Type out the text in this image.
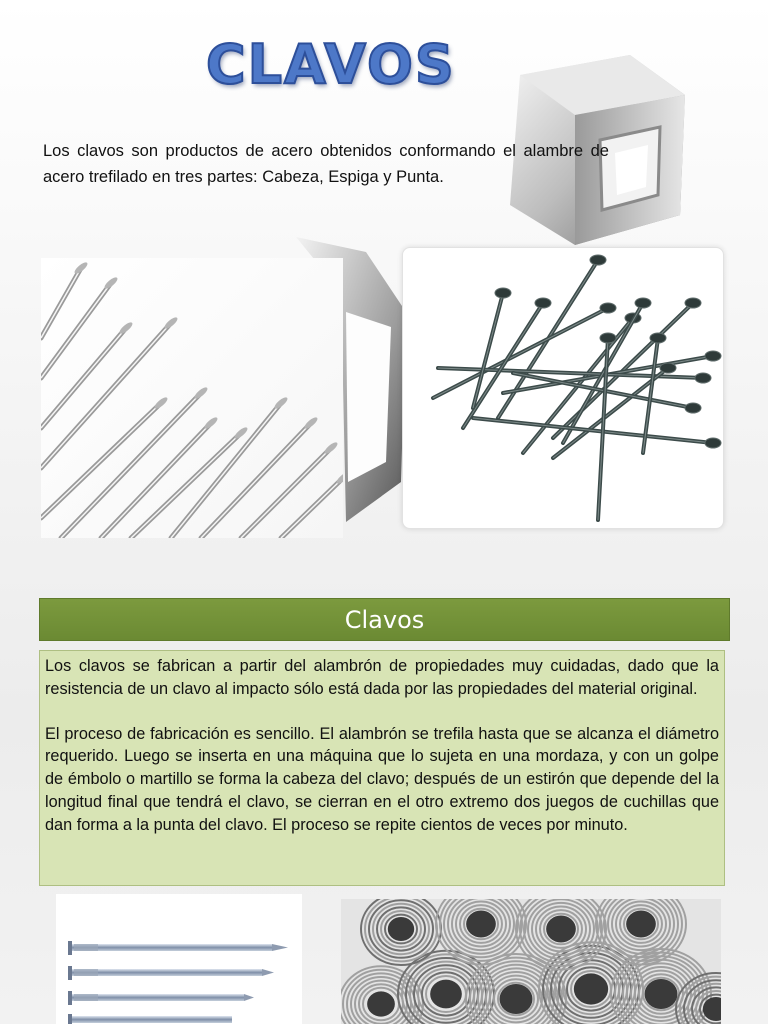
CLAVOS
Los clavos son productos de acero obtenidos conformando el alambre de acero trefilado en tres partes: Cabeza, Espiga y Punta.
Clavos

Los clavos se fabrican a partir del alambrón de propiedades muy cuidadas, dado que la resistencia de un clavo al impacto sólo está dada por las propiedades del material original.

El proceso de fabricación es sencillo. El alambrón se trefila hasta que se alcanza el diámetro requerido. Luego se inserta en una máquina que lo sujeta en una mordaza, y con un golpe de émbolo o martillo se forma la cabeza del clavo; después de un estirón que depende del la longitud final que tendrá el clavo, se cierran en el otro extremo dos juegos de cuchillas que dan forma a la punta del clavo. El proceso se repite cientos de veces por minuto.
